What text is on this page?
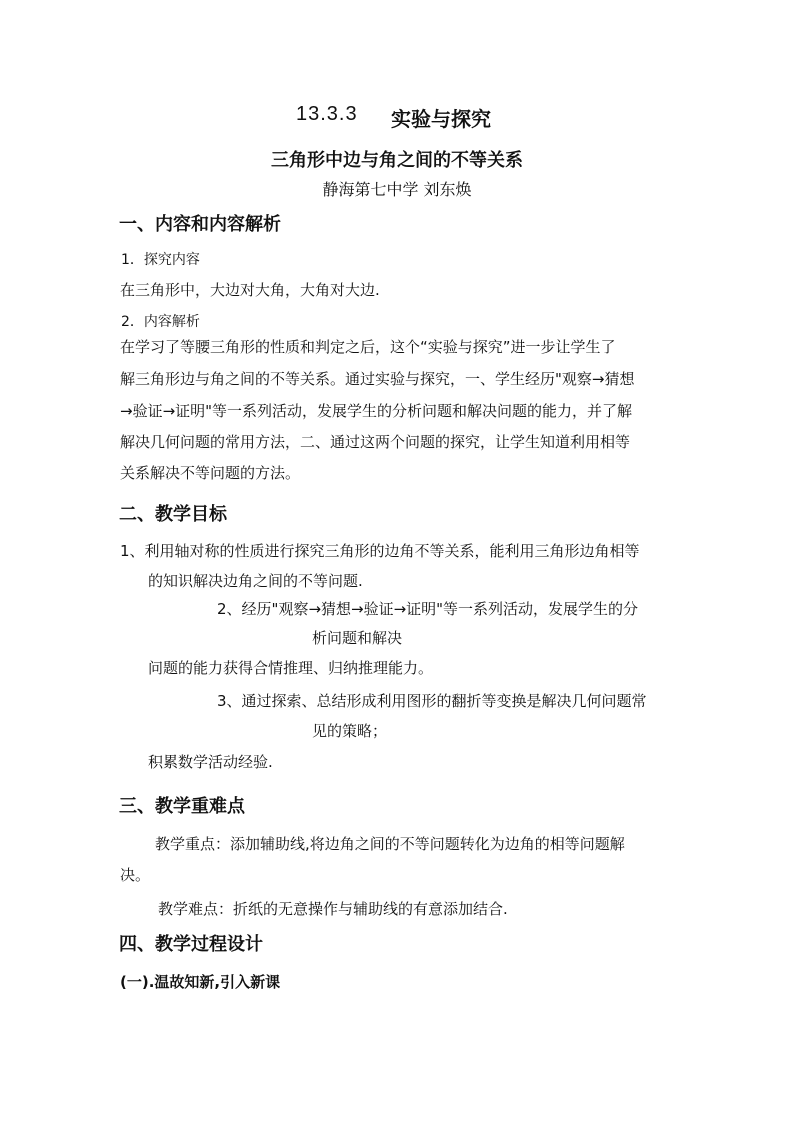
13.3.3 实验与探究

三角形中边与角之间的不等关系

静海第七中学 刘东焕

一、内容和内容解析

1．探究内容

在三角形中，大边对大角，大角对大边.

2．内容解析

在学习了等腰三角形的性质和判定之后，这个“实验与探究”进一步让学生了

解三角形边与角之间的不等关系。通过实验与探究，一、学生经历"观察→猜想

→验证→证明"等一系列活动，发展学生的分析问题和解决问题的能力，并了解

解决几何问题的常用方法，二、通过这两个问题的探究，让学生知道利用相等

关系解决不等问题的方法。

二、教学目标

1、利用轴对称的性质进行探究三角形的边角不等关系，能利用三角形边角相等

的知识解决边角之间的不等问题.

2、经历"观察→猜想→验证→证明"等一系列活动，发展学生的分

析问题和解决

问题的能力获得合情推理、归纳推理能力。

3、通过探索、总结形成利用图形的翻折等变换是解决几何问题常

见的策略；

积累数学活动经验.

三、教学重难点

教学重点：添加辅助线,将边角之间的不等问题转化为边角的相等问题解

决。

教学难点：折纸的无意操作与辅助线的有意添加结合.

四、教学过程设计

(一).温故知新,引入新课
